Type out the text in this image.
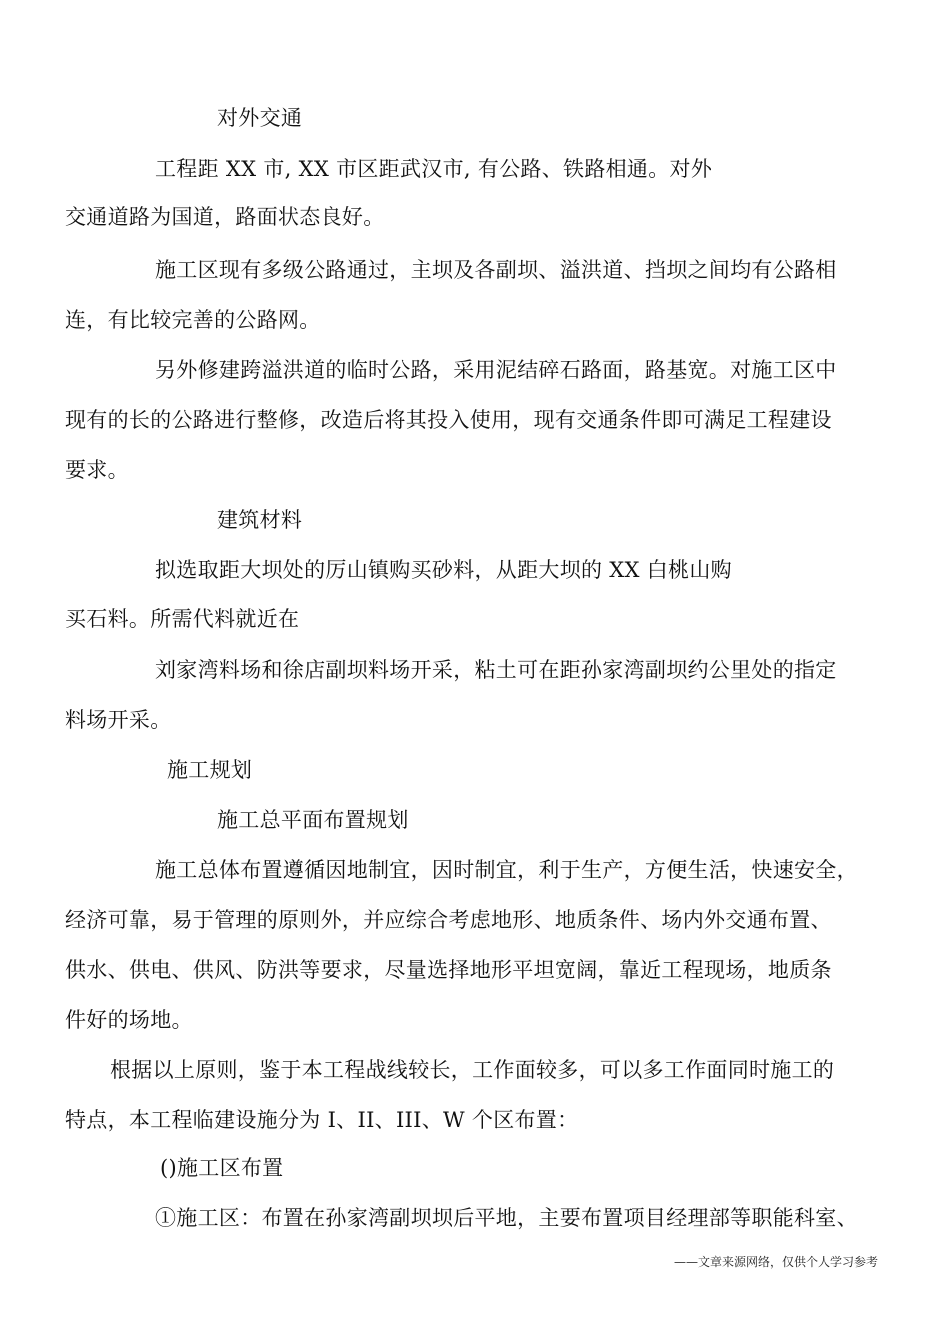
对外交通
工程距 XX 市, XX 市区距武汉市, 有公路、铁路相通。对外
交通道路为国道，路面状态良好。
施工区现有多级公路通过，主坝及各副坝、溢洪道、挡坝之间均有公路相
连，有比较完善的公路网。
另外修建跨溢洪道的临时公路，采用泥结碎石路面，路基宽。对施工区中
现有的长的公路进行整修，改造后将其投入使用，现有交通条件即可满足工程建设
要求。
建筑材料
拟选取距大坝处的厉山镇购买砂料，从距大坝的 XX 白桃山购
买石料。所需代料就近在
刘家湾料场和徐店副坝料场开采，粘土可在距孙家湾副坝约公里处的指定
料场开采。
施工规划
施工总平面布置规划
施工总体布置遵循因地制宜，因时制宜，利于生产，方便生活，快速安全，
经济可靠，易于管理的原则外，并应综合考虑地形、地质条件、场内外交通布置、
供水、供电、供风、防洪等要求，尽量选择地形平坦宽阔，靠近工程现场，地质条
件好的场地。
根据以上原则，鉴于本工程战线较长，工作面较多，可以多工作面同时施工的
特点，本工程临建设施分为 I、II、III、W 个区布置：
()施工区布置
①施工区：布置在孙家湾副坝坝后平地，主要布置项目经理部等职能科室、
——文章来源网络，仅供个人学习参考
